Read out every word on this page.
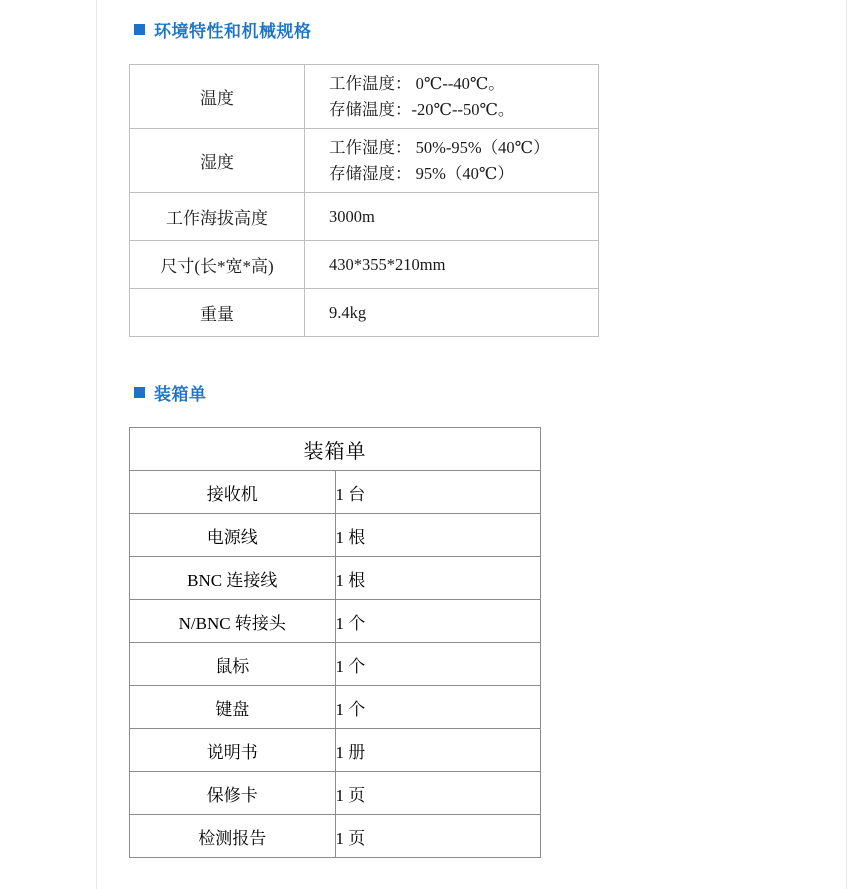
环境特性和机械规格
温度	工作温度： 0℃--40℃。
存储温度：-20℃--50℃。

湿度	工作湿度： 50%-95%（40℃）
存储湿度： 95%（40℃）

工作海拔高度	3000m

尺寸(长*宽*高)	430*355*210mm

重量	9.4kg
装箱单
装箱单	
接收机	1 台
电源线	1 根
BNC 连接线	1 根
N/BNC 转接头	1 个
鼠标	1 个
键盘	1 个
说明书	1 册
保修卡	1 页
检测报告	1 页
